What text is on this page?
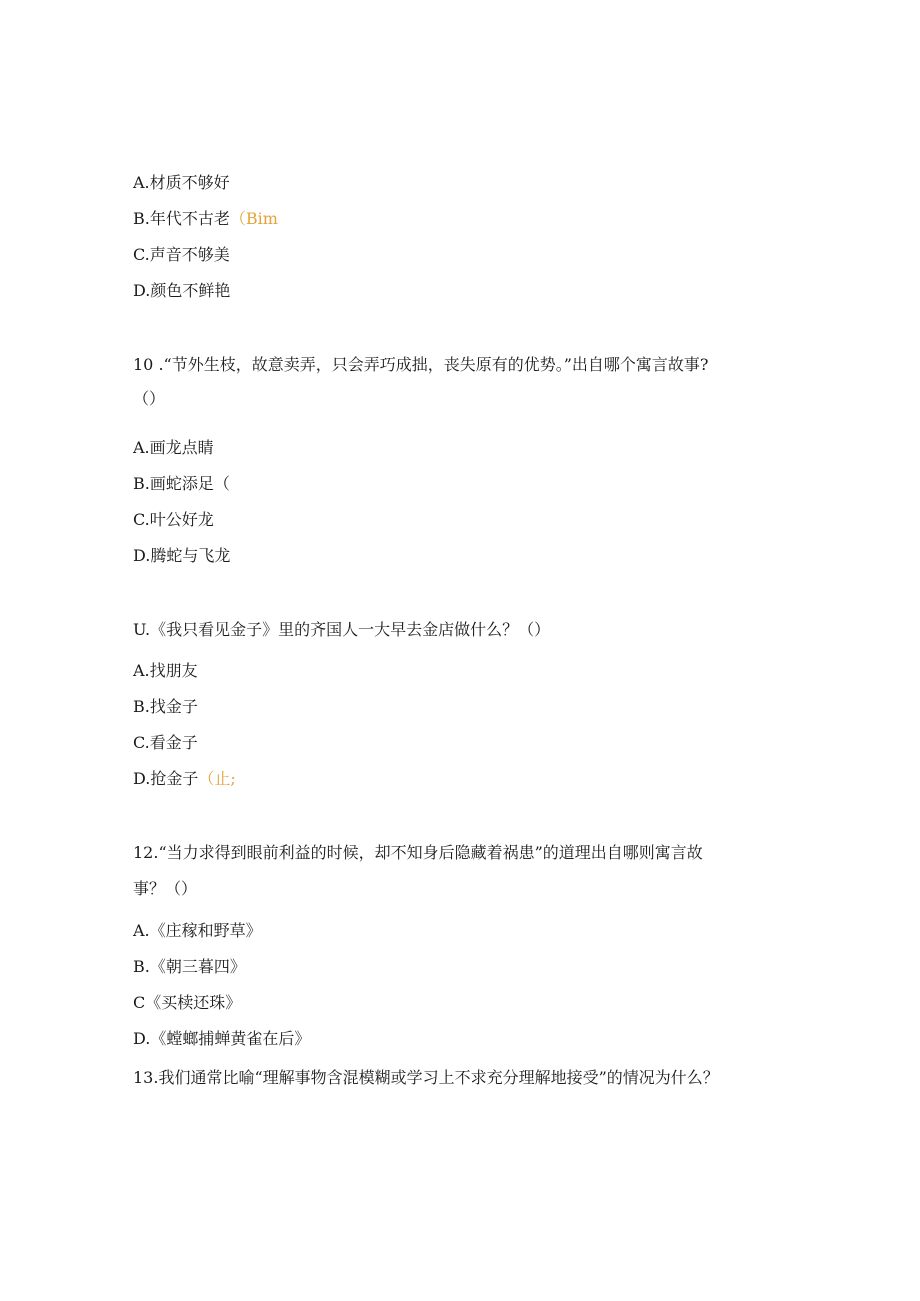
A.材质不够好
B.年代不古老（Bim
C.声音不够美
D.颜色不鲜艳
10 .“节外生枝，故意卖弄，只会弄巧成拙，丧失原有的优势。”出自哪个寓言故事?
（）
A.画龙点睛
B.画蛇添足（
C.叶公好龙
D.腾蛇与飞龙
U.《我只看见金子》里的齐国人一大早去金店做什么？（）
A.找朋友
B.找金子
C.看金子
D.抢金子（止;
12.“当力求得到眼前利益的时候，却不知身后隐藏着祸患”的道理出自哪则寓言故
事？（）
A.《庄稼和野草》
B.《朝三暮四》
C《买椟还珠》
D.《螳螂捕蝉黄雀在后》
13.我们通常比喻“理解事物含混模糊或学习上不求充分理解地接受”的情况为什么？
